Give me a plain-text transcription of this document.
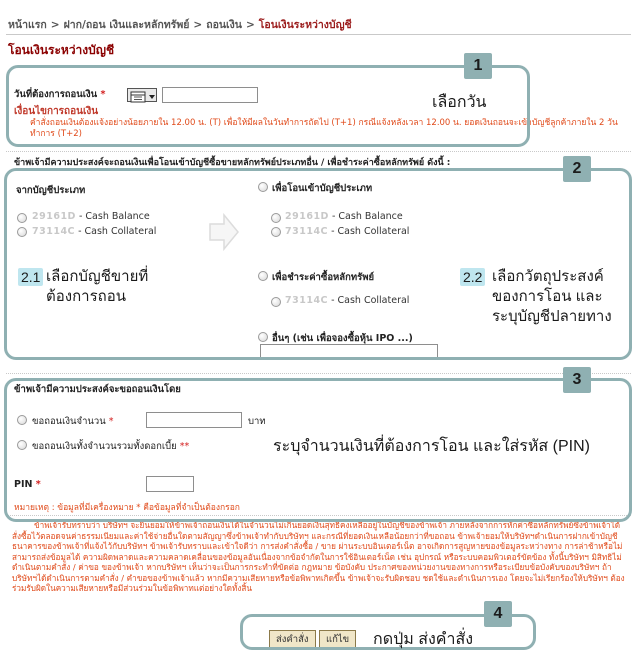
หน้าแรก > ฝาก/ถอน เงินและหลักทรัพย์ > ถอนเงิน > โอนเงินระหว่างบัญชี
โอนเงินระหว่างบัญชี
วันที่ต้องการถอนเงิน *
เงื่อนไขการถอนเงิน
คำสั่งถอนเงินต้องแจ้งอย่างน้อยภายใน 12.00 น. (T) เพื่อให้มีผลในวันทำการถัดไป (T+1) กรณีแจ้งหลังเวลา 12.00 น. ยอดเงินถอนจะเข้าบัญชีลูกค้าภายใน 2 วันทำการ (T+2)
ข้าพเจ้ามีความประสงค์จะถอนเงินเพื่อโอนเข้าบัญชีซื้อขายหลักทรัพย์ประเภทอื่น / เพื่อชำระค่าซื้อหลักทรัพย์ ดังนี้ :
จากบัญชีประเภท
29161D - Cash Balance
73114C - Cash Collateral
เพื่อโอนเข้าบัญชีประเภท
29161D - Cash Balance
73114C - Cash Collateral
เพื่อชำระค่าซื้อหลักทรัพย์
73114C - Cash Collateral
อื่นๆ (เช่น เพื่อจองซื้อหุ้น IPO ...)
ข้าพเจ้ามีความประสงค์จะขอถอนเงินโดย
ขอถอนเงินจำนวน *	บาท
ขอถอนเงินทั้งจำนวนรวมทั้งดอกเบี้ย **
PIN *
หมายเหตุ : ข้อมูลที่มีเครื่องหมาย * คือข้อมูลที่จำเป็นต้องกรอก
ข้าพเจ้ารับทราบว่า บริษัทฯ จะยินยอมให้ข้าพเจ้าถอนเงินได้ในจำนวนไม่เกินยอดเงินสุทธิคงเหลืออยู่ในบัญชีของข้าพเจ้า ภายหลังจากการหักค่าซื้อหลักทรัพย์ซึ่งข้าพเจ้าได้สั่งซื้อไว้ตลอดจนค่าธรรมเนียมและค่าใช้จ่ายอื่นใดตามสัญญาซึ่งข้าพเจ้าทำกับบริษัทฯ และกรณีที่ยอดเงินเหลือน้อยกว่าที่ขอถอน ข้าพเจ้ายอมให้บริษัทฯดำเนินการฝากเข้าบัญชีธนาคารของข้าพเจ้าที่แจ้งไว้กับบริษัทฯ ข้าพเจ้ารับทราบและเข้าใจดีว่า การส่งคำสั่งซื้อ / ขาย ผ่านระบบอินเตอร์เน็ต อาจเกิดการสูญหายของข้อมูลระหว่างทาง การล่าช้าหรือไม่สามารถส่งข้อมูลได้ ความผิดพลาดและความคลาดเคลื่อนของข้อมูลอันเนื่องจากข้อจำกัดในการใช้อินเตอร์เน็ต เช่น อุปกรณ์ หรือระบบคอมพิวเตอร์ขัดข้อง ทั้งนี้บริษัทฯ มิสิทธิไม่ดำเนินตามคำสั่ง / ค่าขอ ของข้าพเจ้า หากบริษัทฯ เห็นว่าจะเป็นการกระทำที่ขัดต่อ กฎหมาย ข้อบังคับ ประกาศของหน่วยงานของทางการหรือระเบียบข้อบังคับของบริษัทฯ ถ้าบริษัทฯได้ดำเนินการตามคำสั่ง / คำขอของข้าพเจ้าแล้ว หากมีความเสียหายหรือข้อพิพาทเกิดขึ้น ข้าพเจ้าจะรับผิดชอบ ชดใช้และดำเนินการเอง โดยจะไม่เรียกร้องให้บริษัทฯ ต้องร่วมรับผิดในความเสียหายหรือมีส่วนร่วมในข้อพิพาทแต่อย่างใดทั้งสิ้น
ส่งคำสั่ง	แก้ไข
1
เลือกวัน
2
2.1 เลือกบัญชีขายที่ต้องการถอน
2.2 เลือกวัตถุประสงค์ของการโอน และระบุบัญชีปลายทาง
3
ระบุจำนวนเงินที่ต้องการโอน และใส่รหัส (PIN)
4
กดปุ่ม ส่งคำสั่ง
